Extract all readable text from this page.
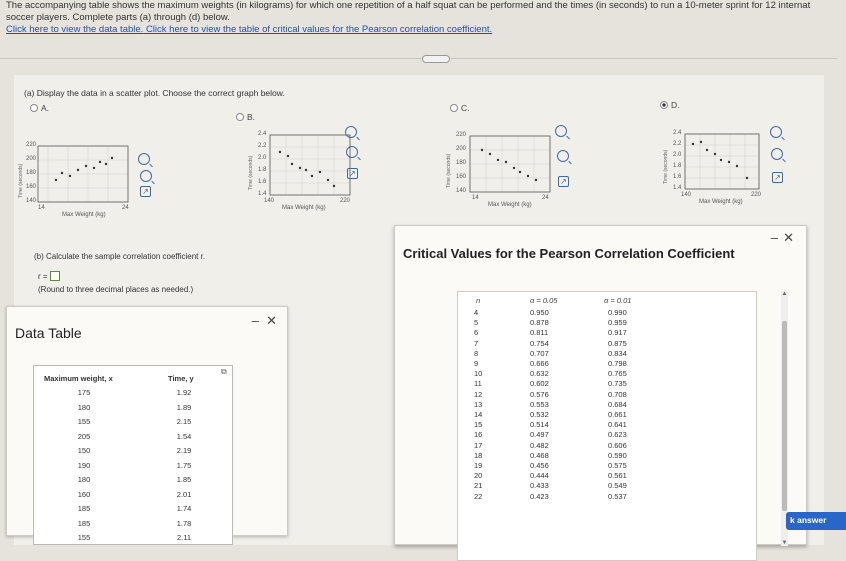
The accompanying table shows the maximum weights (in kilograms) for which one repetition of a half squat can be performed and the times (in seconds) to run a 10-meter sprint for 12 internat
soccer players. Complete parts (a) through (d) below.
Click here to view the data table. Click here to view the table of critical values for the Pearson correlation coefficient.
(a) Display the data in a scatter plot. Choose the correct graph below.
A.
220
200
180
160
140
14	24
Max Weight (kg)
Time (seconds)	↗
B.
2.4
2.2
2.0
1.8
1.6
1.4
140	220
Max Weight (kg)
Time (seconds)	↗
C.
220
200
180
160
140
14	24
Max Weight (kg)
Time (seconds)	↗
D.
2.4
2.2
2.0
1.8
1.6
1.4
140	220
Max Weight (kg)
Time (seconds)	↗
(b) Calculate the sample correlation coefficient r.
r =
(Round to three decimal places as needed.)
– ✕
Data Table
Maximum weight, x	Time, y
175	1.92
180	1.89
155	2.15
205	1.54
150	2.19
190	1.75
180	1.85
160	2.01
185	1.74
185	1.78
155	2.11
⧉
– ✕
Critical Values for the Pearson Correlation Coefficient
n	α = 0.05	α = 0.01
4	0.950	0.990
5	0.878	0.959
6	0.811	0.917
7	0.754	0.875
8	0.707	0.834
9	0.666	0.798
10	0.632	0.765
11	0.602	0.735
12	0.576	0.708
13	0.553	0.684
14	0.532	0.661
15	0.514	0.641
16	0.497	0.623
17	0.482	0.606
18	0.468	0.590
19	0.456	0.575
20	0.444	0.561
21	0.433	0.549
22	0.423	0.537
▲
▼
k answer
